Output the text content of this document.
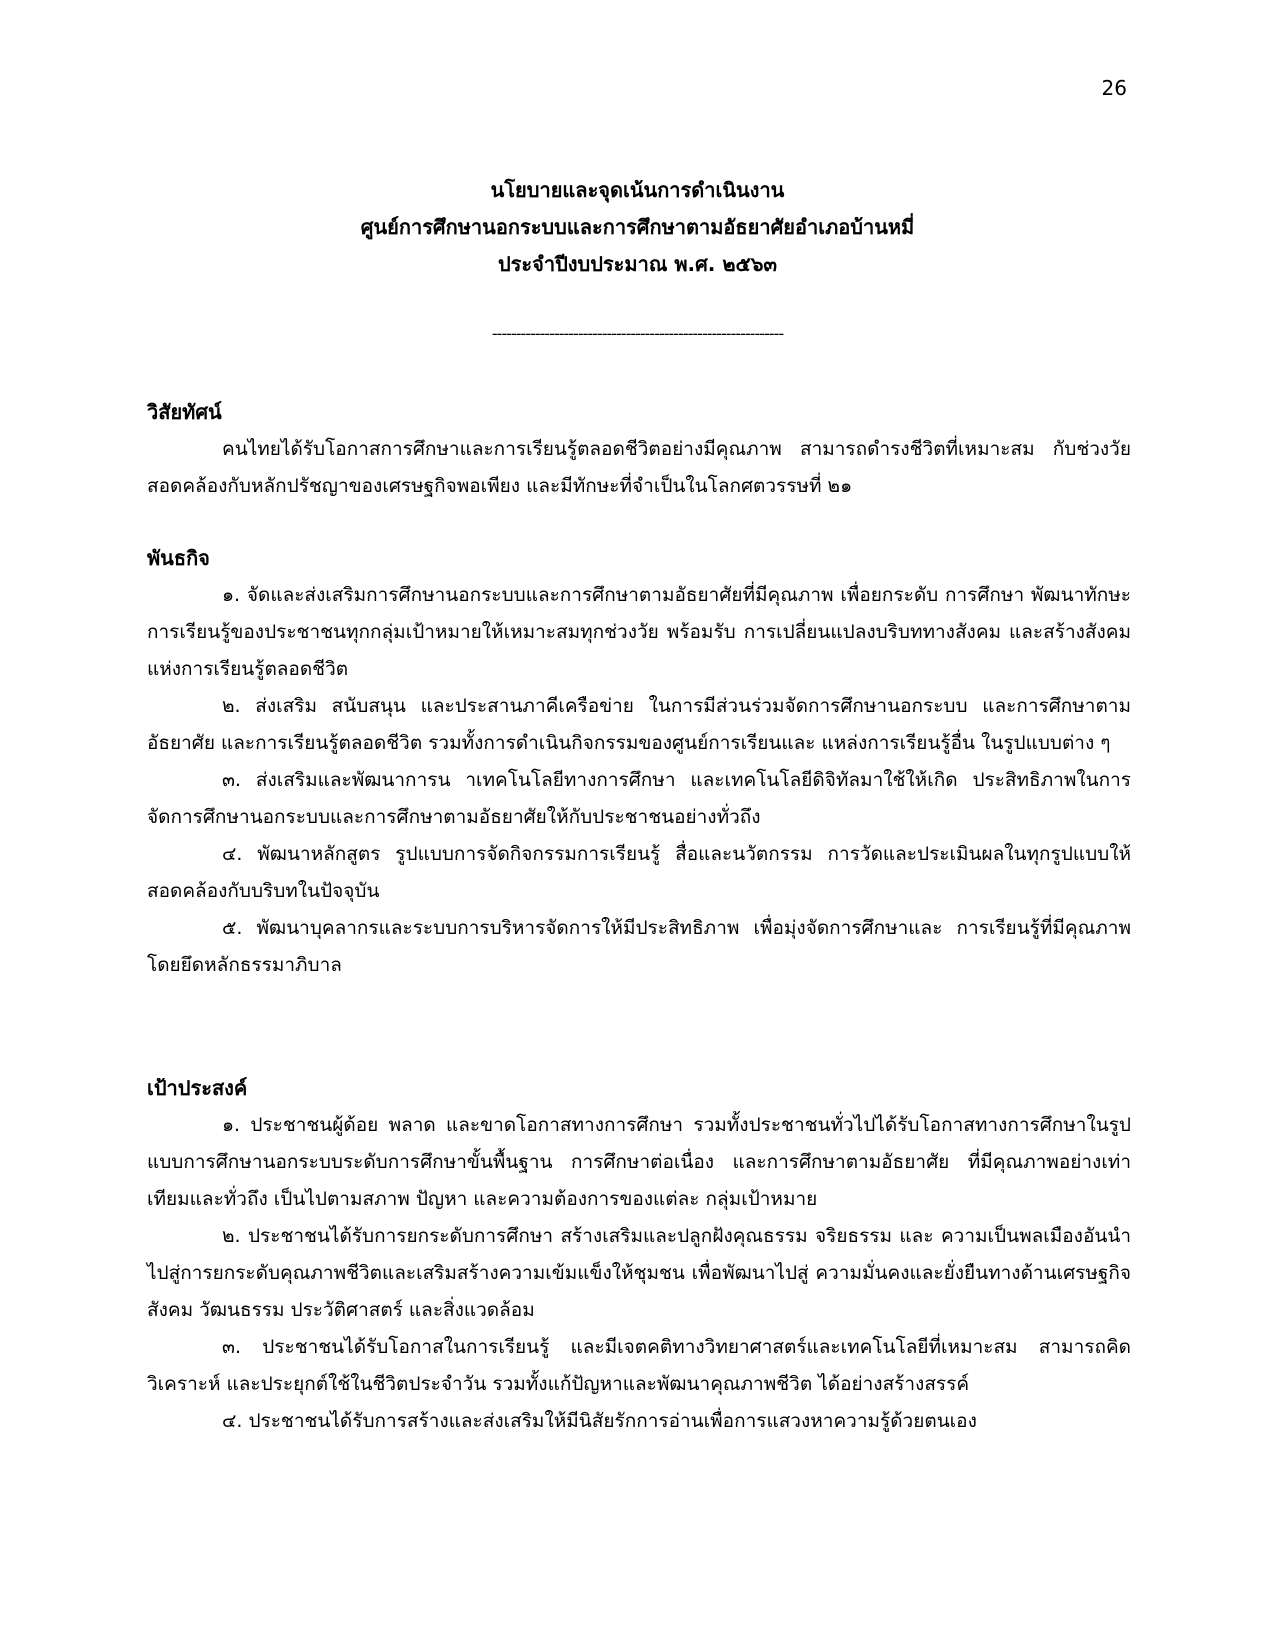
26
นโยบายและจุดเน้นการดำเนินงาน
ศูนย์การศึกษานอกระบบและการศึกษาตามอัธยาศัยอำเภอบ้านหมี่
ประจำปีงบประมาณ พ.ศ. ๒๕๖๓
-------------------------------------------------------------

วิสัยทัศน์

คนไทยได้รับโอกาสการศึกษาและการเรียนรู้ตลอดชีวิตอย่างมีคุณภาพ สามารถดำรงชีวิตที่เหมาะสม กับช่วงวัย สอดคล้องกับหลักปรัชญาของเศรษฐกิจพอเพียง และมีทักษะที่จำเป็นในโลกศตวรรษที่ ๒๑

พันธกิจ

๑. จัดและส่งเสริมการศึกษานอกระบบและการศึกษาตามอัธยาศัยที่มีคุณภาพ เพื่อยกระดับ การศึกษา พัฒนาทักษะการเรียนรู้ของประชาชนทุกกลุ่มเป้าหมายให้เหมาะสมทุกช่วงวัย พร้อมรับ การเปลี่ยนแปลงบริบททางสังคม และสร้างสังคมแห่งการเรียนรู้ตลอดชีวิต

๒. ส่งเสริม สนับสนุน และประสานภาคีเครือข่าย ในการมีส่วนร่วมจัดการศึกษานอกระบบ และการศึกษาตามอัธยาศัย และการเรียนรู้ตลอดชีวิต รวมทั้งการดำเนินกิจกรรมของศูนย์การเรียนและ แหล่งการเรียนรู้อื่น ในรูปแบบต่าง ๆ

๓. ส่งเสริมและพัฒนาการน าเทคโนโลยีทางการศึกษา และเทคโนโลยีดิจิทัลมาใช้ให้เกิด ประสิทธิภาพในการจัดการศึกษานอกระบบและการศึกษาตามอัธยาศัยให้กับประชาชนอย่างทั่วถึง

๔. พัฒนาหลักสูตร รูปแบบการจัดกิจกรรมการเรียนรู้ สื่อและนวัตกรรม การวัดและประเมินผลในทุกรูปแบบให้สอดคล้องกับบริบทในปัจจุบัน

๕. พัฒนาบุคลากรและระบบการบริหารจัดการให้มีประสิทธิภาพ เพื่อมุ่งจัดการศึกษาและ การเรียนรู้ที่มีคุณภาพ โดยยึดหลักธรรมาภิบาล

เป้าประสงค์

๑. ประชาชนผู้ด้อย พลาด และขาดโอกาสทางการศึกษา รวมทั้งประชาชนทั่วไปได้รับโอกาสทางการศึกษาในรูปแบบการศึกษานอกระบบระดับการศึกษาขั้นพื้นฐาน การศึกษาต่อเนื่อง และการศึกษาตามอัธยาศัย ที่มีคุณภาพอย่างเท่าเทียมและทั่วถึง เป็นไปตามสภาพ ปัญหา และความต้องการของแต่ละ กลุ่มเป้าหมาย

๒. ประชาชนได้รับการยกระดับการศึกษา สร้างเสริมและปลูกฝังคุณธรรม จริยธรรม และ ความเป็นพลเมืองอันนำไปสู่การยกระดับคุณภาพชีวิตและเสริมสร้างความเข้มแข็งให้ชุมชน เพื่อพัฒนาไปสู่ ความมั่นคงและยั่งยืนทางด้านเศรษฐกิจ สังคม วัฒนธรรม ประวัติศาสตร์ และสิ่งแวดล้อม

๓. ประชาชนได้รับโอกาสในการเรียนรู้ และมีเจตคติทางวิทยาศาสตร์และเทคโนโลยีที่เหมาะสม สามารถคิด วิเคราะห์ และประยุกต์ใช้ในชีวิตประจำวัน รวมทั้งแก้ปัญหาและพัฒนาคุณภาพชีวิต ได้อย่างสร้างสรรค์

๔. ประชาชนได้รับการสร้างและส่งเสริมให้มีนิสัยรักการอ่านเพื่อการแสวงหาความรู้ด้วยตนเอง
